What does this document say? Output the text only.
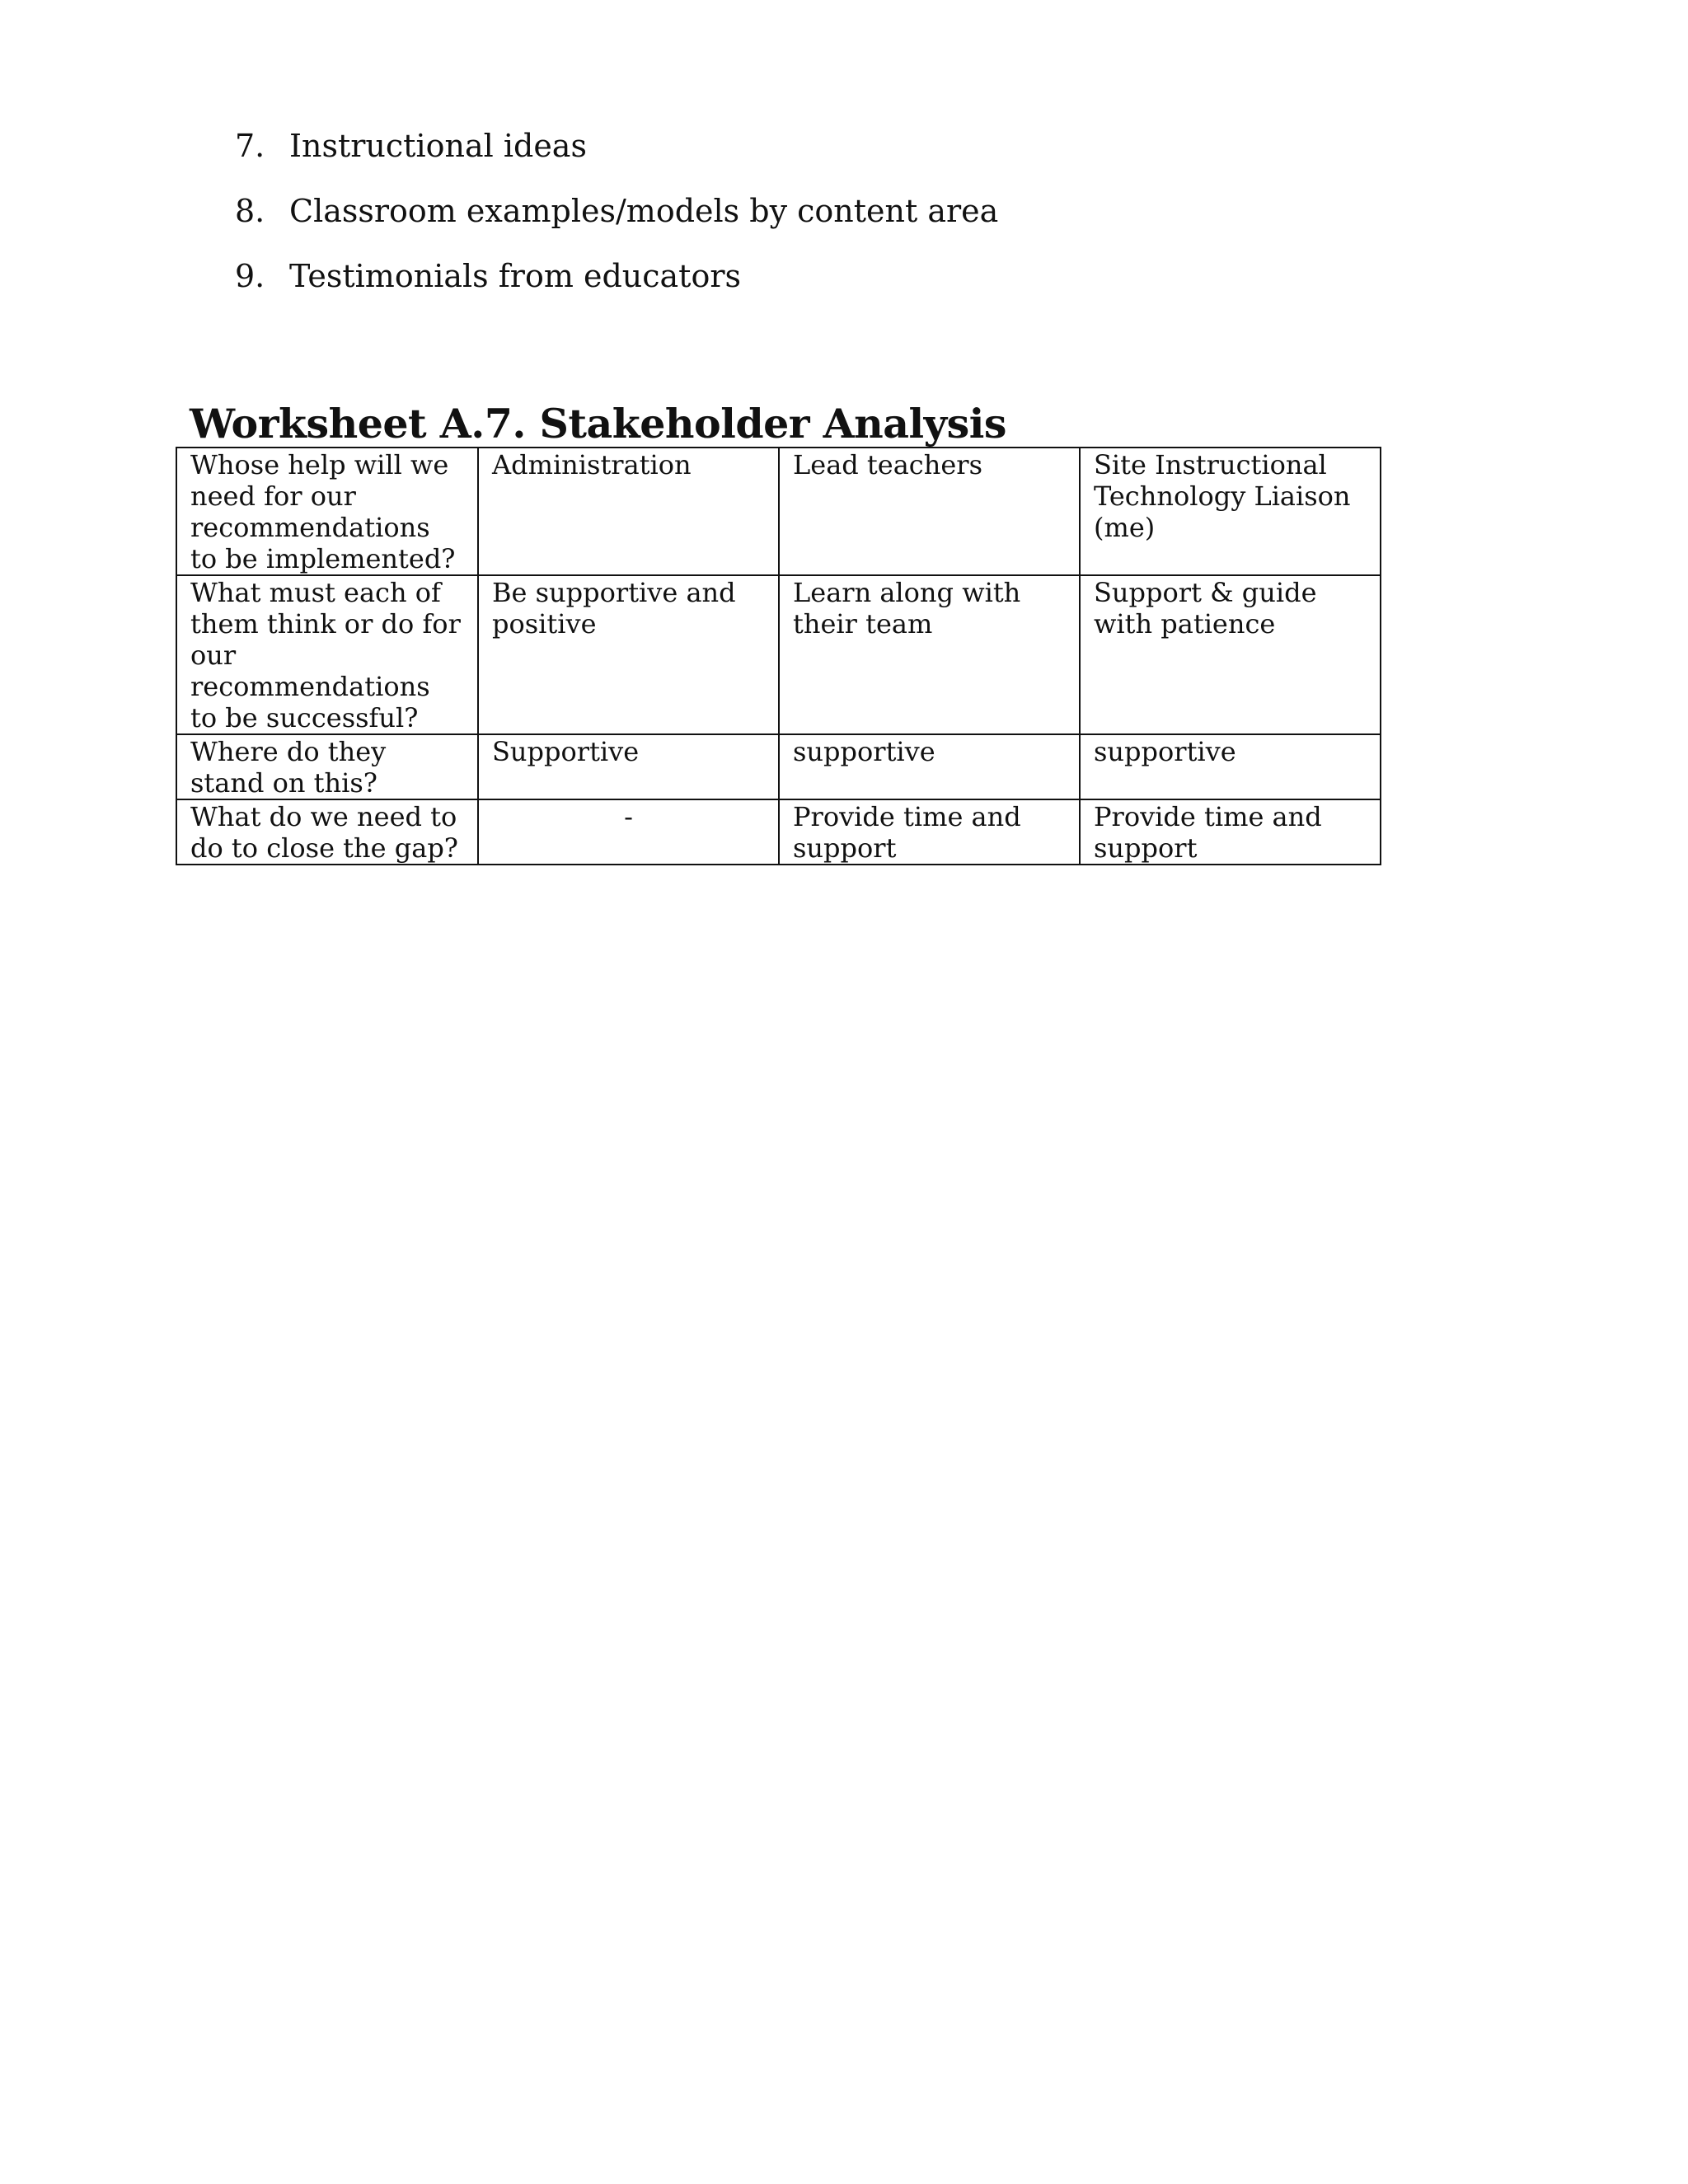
7. Instructional ideas
8. Classroom examples/models by content area
9. Testimonials from educators
Worksheet A.7. Stakeholder Analysis
Whose help will we need for our recommendations to be implemented?	Administration	Lead teachers	Site Instructional Technology Liaison (me)
What must each of them think or do for our recommendations to be successful?	Be supportive and positive	Learn along with their team	Support & guide with patience
Where do they stand on this?	Supportive	supportive	supportive
What do we need to do to close the gap?	-	Provide time and support	Provide time and support
